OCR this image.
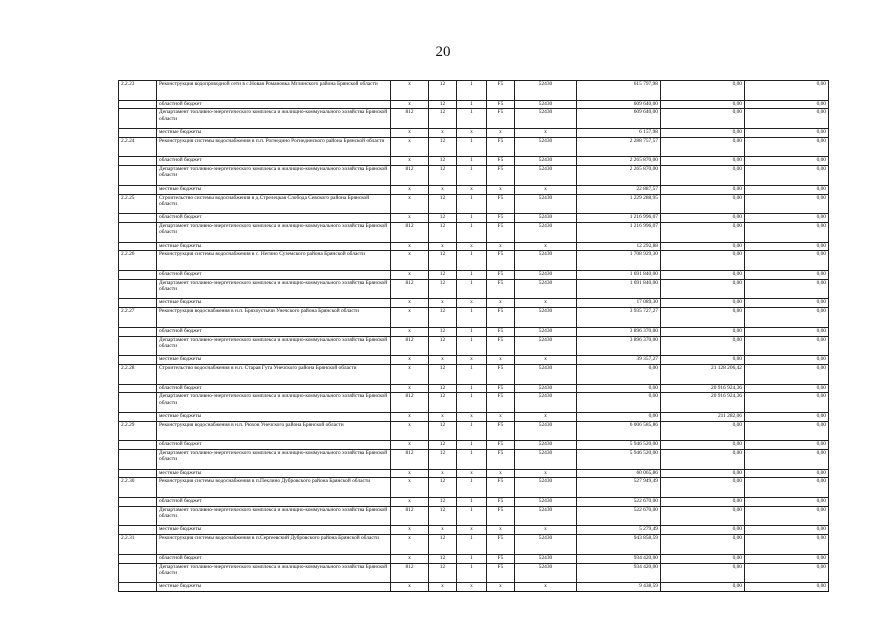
20
2.2.23	Реконструкция водопроводной сети в с.Новая Романовка Мглинского района Брянской области	x	12	1	F5	52430	615 797,98	0,00	0,00
	областной бюджет	x	12	1	F5	52430	609 640,00	0,00	0,00
	Департамент топливно-энергетического комплекса и жилищно-коммунального хозяйства Брянской области	812	12	1	F5	52430	609 640,00	0,00	0,00
	местные бюджеты	x	x	x	x	x	6 157,98	0,00	0,00
2.2.24	Реконструкция системы водоснабжения в п.п. Рогнедино Рогнединского района Брянской области	x	12	1	F5	52430	2 288 757,57	0,00	0,00
	областной бюджет	x	12	1	F5	52430	2 265 870,00	0,00	0,00
	Департамент топливно-энергетического комплекса и жилищно-коммунального хозяйства Брянской области	812	12	1	F5	52430	2 265 870,00	0,00	0,00
	местные бюджеты	x	x	x	x	x	22 887,57	0,00	0,00
2.2.25	Строительство системы водоснабжения в д.Стрелецкая Слобода Севского района Брянской области	x	12	1	F5	52430	1 229 288,95	0,00	0,00
	областной бюджет	x	12	1	F5	52430	1 216 996,07	0,00	0,00
	Департамент топливно-энергетического комплекса и жилищно-коммунального хозяйства Брянской области	812	12	1	F5	52430	1 216 996,07	0,00	0,00
	местные бюджеты	x	x	x	x	x	12 292,88	0,00	0,00
2.2.26	Реконструкция системы водоснабжения в с. Негино Суземского района Брянской области	x	12	1	F5	52430	1 708 929,30	0,00	0,00
	областной бюджет	x	12	1	F5	52430	1 691 840,00	0,00	0,00
	Департамент топливно-энергетического комплекса и жилищно-коммунального хозяйства Брянской области	812	12	1	F5	52430	1 691 840,00	0,00	0,00
	местные бюджеты	x	x	x	x	x	17 089,30	0,00	0,00
2.2.27	Реконструкция водоснабжения в н.п. Бряхоустычи Унечского района Брянской области	x	12	1	F5	52430	3 935 727,27	0,00	0,00
	областной бюджет	x	12	1	F5	52430	3 896 370,00	0,00	0,00
	Департамент топливно-энергетического комплекса и жилищно-коммунального хозяйства Брянской области	812	12	1	F5	52430	3 896 370,00	0,00	0,00
	местные бюджеты	x	x	x	x	x	39 357,27	0,00	0,00
2.2.28	Строительство водоснабжения в н.п. Старая Гута Унечского района Брянской области	x	12	1	F5	52430	0,00	21 128 206,42	0,00
	областной бюджет	x	12	1	F5	52430	0,00	20 916 924,36	0,00
	Департамент топливно-энергетического комплекса и жилищно-коммунального хозяйства Брянской области	812	12	1	F5	52430	0,00	20 916 924,36	0,00
	местные бюджеты	x	x	x	x	x	0,00	211 282,06	0,00
2.2.29	Реконструкция водоснабжения в н.п. Рюхов Унечского района Брянской области	x	12	1	F5	52430	6 006 585,86	0,00	0,00
	областной бюджет	x	12	1	F5	52430	5 946 520,00	0,00	0,00
	Департамент топливно-энергетического комплекса и жилищно-коммунального хозяйства Брянской области	812	12	1	F5	52430	5 946 520,00	0,00	0,00
	местные бюджеты	x	x	x	x	x	60 065,86	0,00	0,00
2.2.30	Реконструкция системы водоснабжения в п.Пеклино Дубровского района Брянской области	x	12	1	F5	52430	527 949,49	0,00	0,00
	областной бюджет	x	12	1	F5	52430	522 670,00	0,00	0,00
	Департамент топливно-энергетического комплекса и жилищно-коммунального хозяйства Брянской области	812	12	1	F5	52430	522 670,00	0,00	0,00
	местные бюджеты	x	x	x	x	x	5 279,49	0,00	0,00
2.2.31	Реконструкция системы водоснабжения в п.Сергеевский Дубровского района Брянской области	x	12	1	F5	52430	943 858,59	0,00	0,00
	областной бюджет	x	12	1	F5	52430	934 420,00	0,00	0,00
	Департамент топливно-энергетического комплекса и жилищно-коммунального хозяйства Брянской области	812	12	1	F5	52430	934 420,00	0,00	0,00
	местные бюджеты	x	x	x	x	x	9 438,59	0,00	0,00
